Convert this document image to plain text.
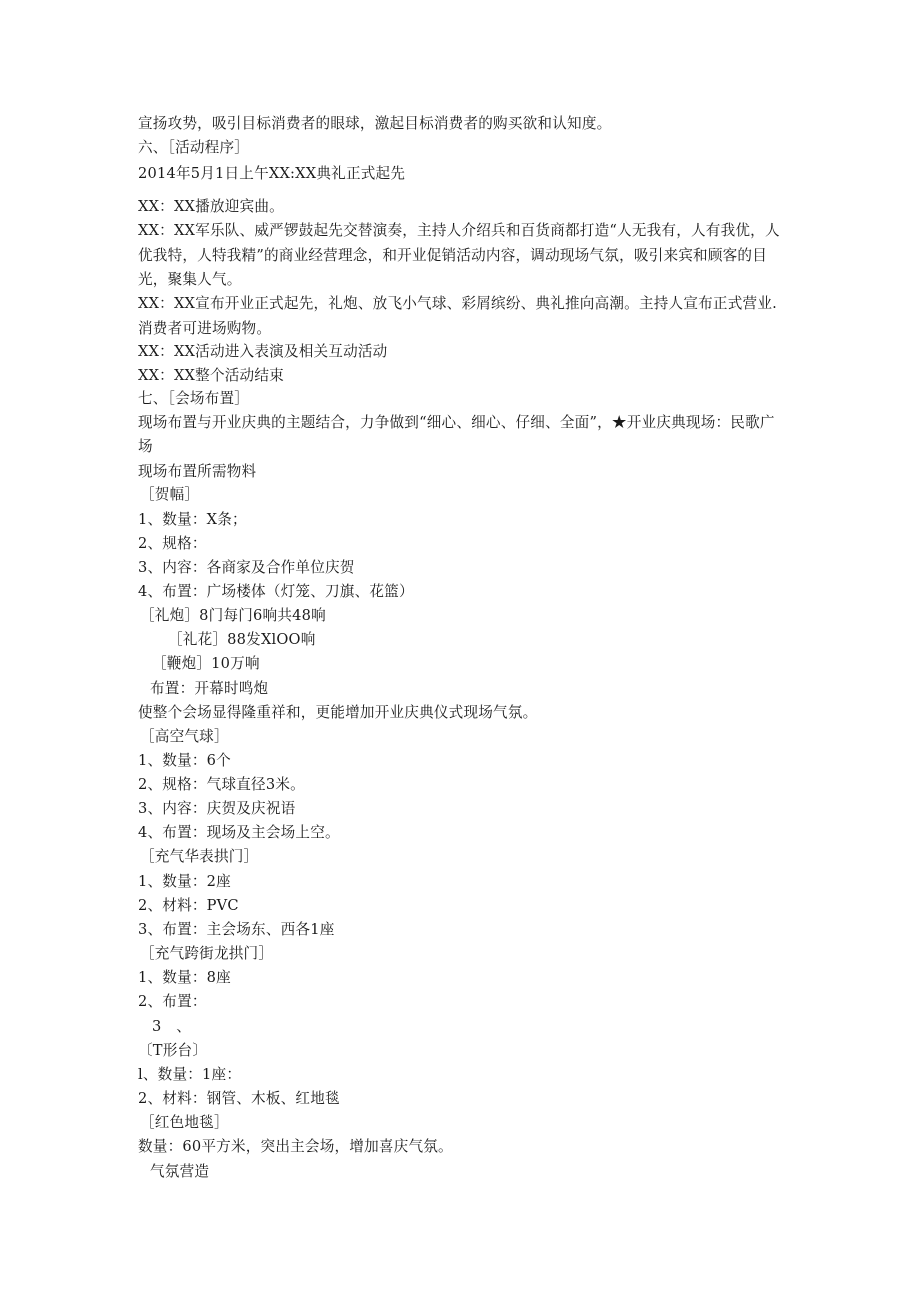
宣扬攻势，吸引目标消费者的眼球，激起目标消费者的购买欲和认知度。
六、［活动程序］
2014年5月1日上午XX:XX典礼正式起先
XX：XX播放迎宾曲。
XX：XX军乐队、威严锣鼓起先交替演奏，主持人介绍兵和百货商都打造“人无我有，人有我优，人优我特，人特我精”的商业经营理念，和开业促销活动内容，调动现场气氛，吸引来宾和顾客的目光，聚集人气。
XX：XX宣布开业正式起先，礼炮、放飞小气球、彩屑缤纷、典礼推向高潮。主持人宣布正式营业. 消费者可进场购物。
XX：XX活动进入表演及相关互动活动
XX：XX整个活动结束
七、［会场布置］
现场布置与开业庆典的主题结合，力争做到“细心、细心、仔细、全面”，★开业庆典现场：民歌广场
现场布置所需物料
［贺幅］
1、数量：X条；
2、规格：
3、内容：各商家及合作单位庆贺
4、布置：广场楼体（灯笼、刀旗、花篮）
［礼炮］8门每门6响共48响
［礼花］88发XlOO响
［鞭炮］10万响
布置：开幕时鸣炮
使整个会场显得隆重祥和，更能增加开业庆典仪式现场气氛。
［高空气球］
1、数量：6个
2、规格：气球直径3米。
3、内容：庆贺及庆祝语
4、布置：现场及主会场上空。
［充气华表拱门］
1、数量：2座
2、材料：PVC
3、布置：主会场东、西各1座
［充气跨街龙拱门］
1、数量：8座
2、布置：
3　、
〔T形台〕
l、数量：1座：
2、材料：钢管、木板、红地毯
［红色地毯］
数量：60平方米，突出主会场，增加喜庆气氛。
气氛营造
